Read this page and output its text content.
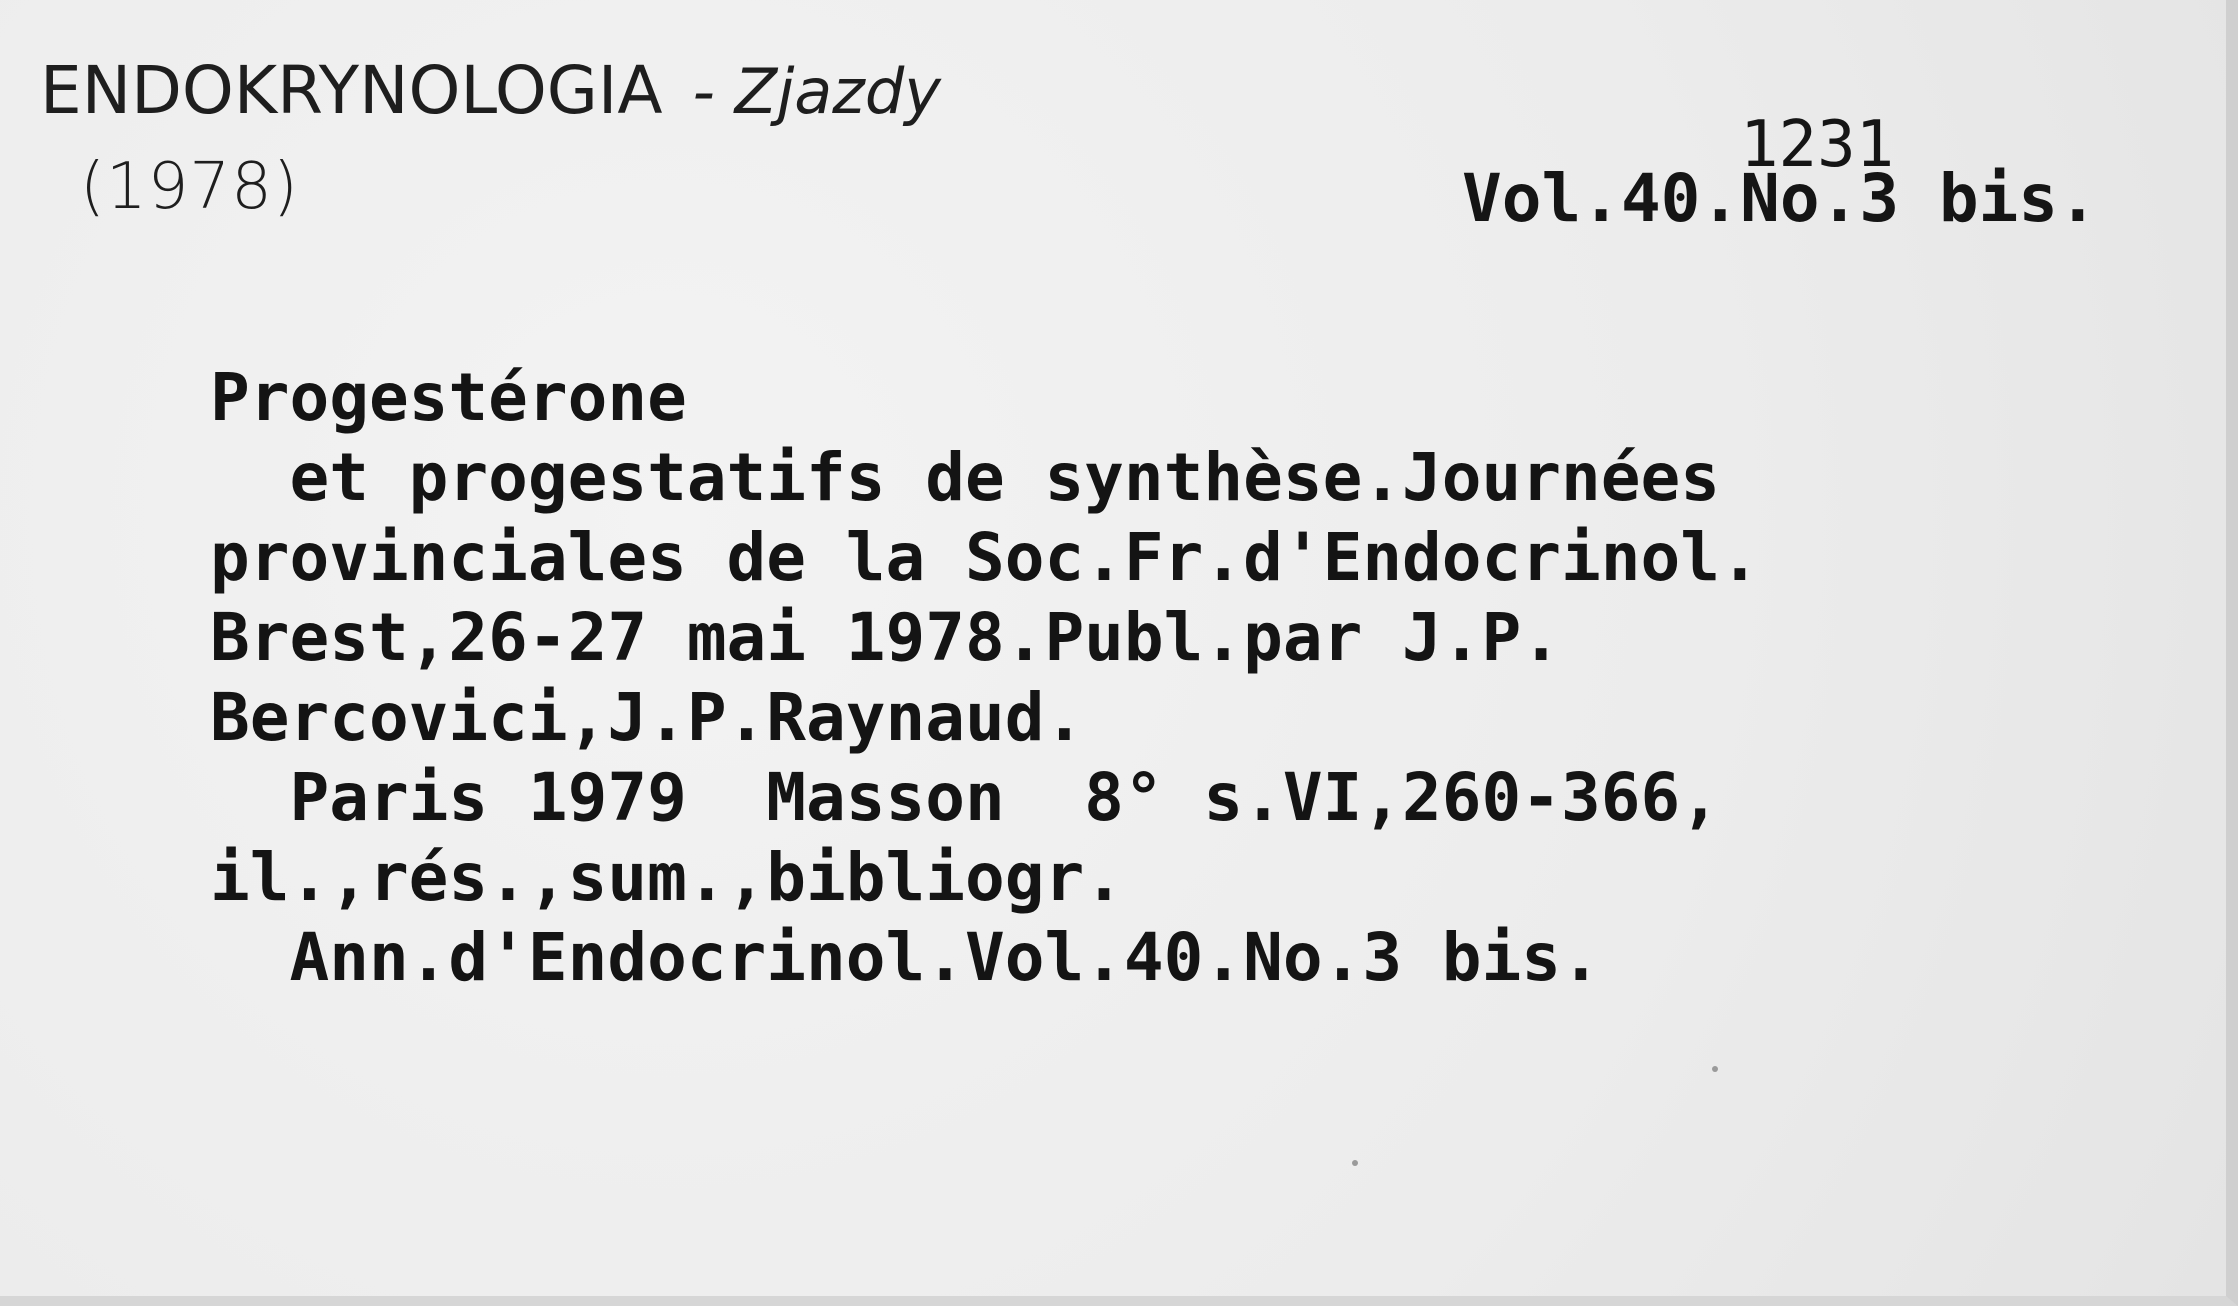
ENDOKRYNOLOGIA - Zjazdy
(1978)
1231
Vol.40.No.3 bis.
Progestérone
et progestatifs de synthèse.Journées
provinciales de la Soc.Fr.d'Endocrinol.
Brest,26-27 mai 1978.Publ.par J.P.
Bercovici,J.P.Raynaud.
Paris 1979  Masson  8° s.VI,260-366,
il.,rés.,sum.,bibliogr.
Ann.d'Endocrinol.Vol.40.No.3 bis.
